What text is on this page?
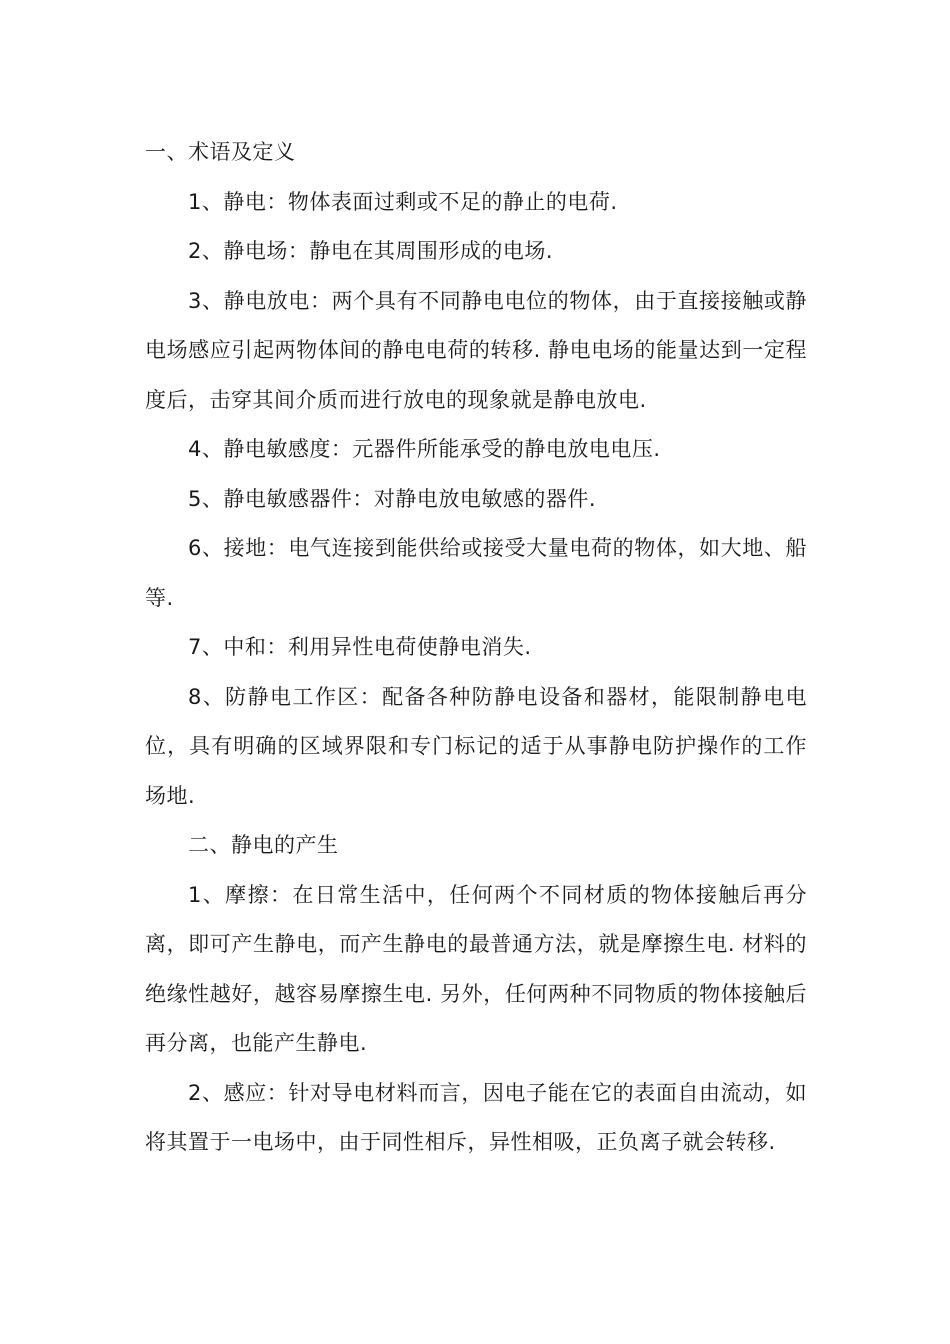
一、术语及定义

1、静电：物体表面过剩或不足的静止的电荷.

2、静电场：静电在其周围形成的电场.

3、静电放电：两个具有不同静电电位的物体，由于直接接触或静电场感应引起两物体间的静电电荷的转移. 静电电场的能量达到一定程度后，击穿其间介质而进行放电的现象就是静电放电.

4、静电敏感度：元器件所能承受的静电放电电压.

5、静电敏感器件：对静电放电敏感的器件.

6、接地：电气连接到能供给或接受大量电荷的物体，如大地、船等.

7、中和：利用异性电荷使静电消失.

8、防静电工作区：配备各种防静电设备和器材，能限制静电电位，具有明确的区域界限和专门标记的适于从事静电防护操作的工作场地.

二、静电的产生

1、摩擦：在日常生活中，任何两个不同材质的物体接触后再分离，即可产生静电，而产生静电的最普通方法，就是摩擦生电. 材料的绝缘性越好，越容易摩擦生电. 另外，任何两种不同物质的物体接触后再分离，也能产生静电.

2、感应：针对导电材料而言，因电子能在它的表面自由流动，如将其置于一电场中，由于同性相斥，异性相吸，正负离子就会转移.
